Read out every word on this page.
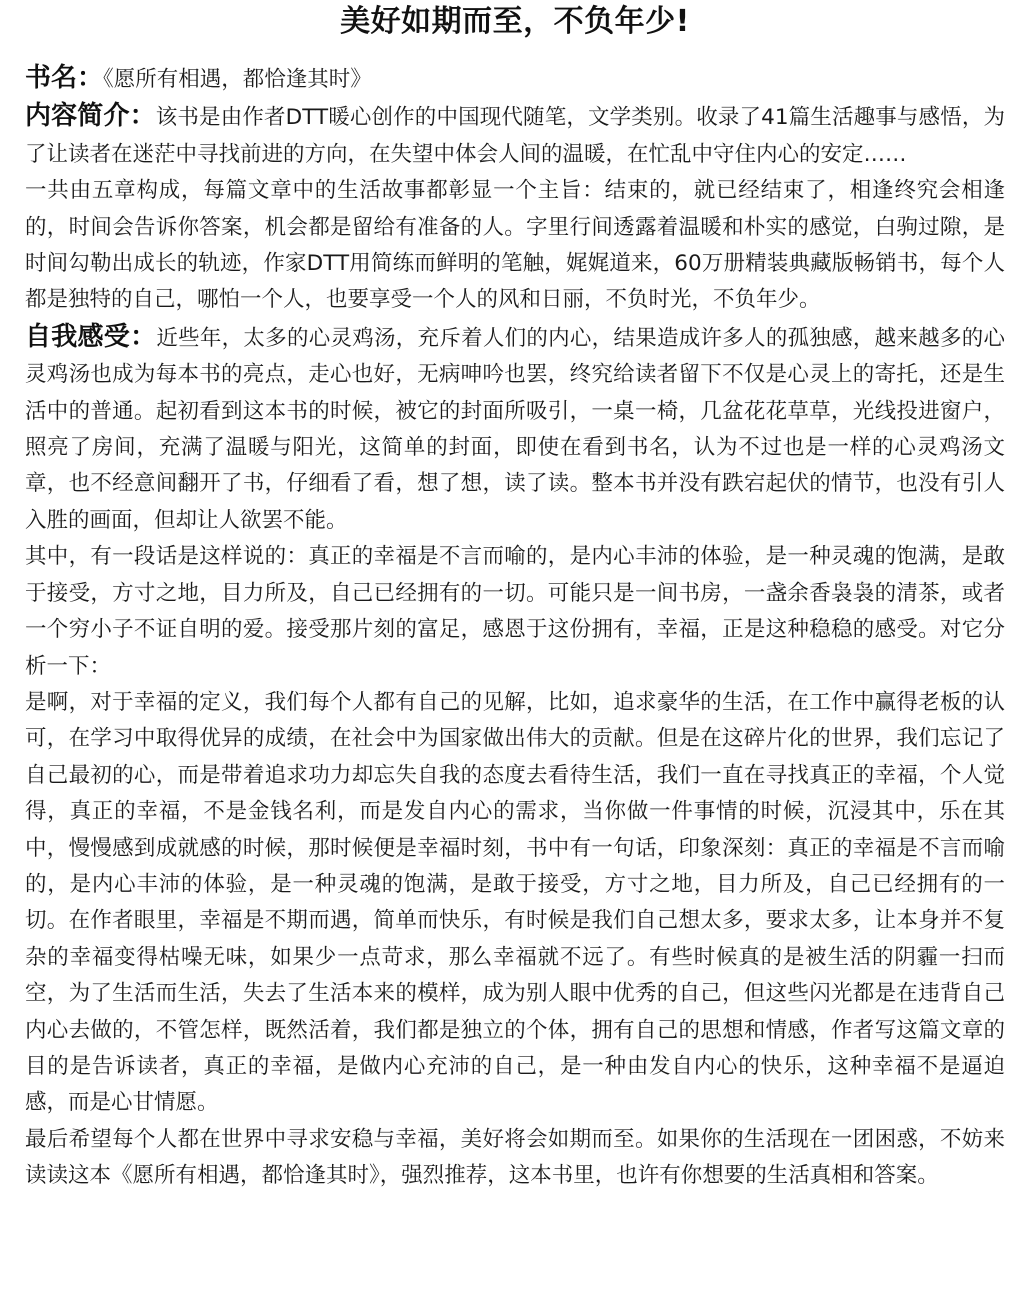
美好如期而至，不负年少!

书名：《愿所有相遇，都恰逢其时》

内容简介：该书是由作者DTT暖心创作的中国现代随笔，文学类别。收录了41篇生活趣事与感悟，为了让读者在迷茫中寻找前进的方向，在失望中体会人间的温暖，在忙乱中守住内心的安定……

一共由五章构成，每篇文章中的生活故事都彰显一个主旨：结束的，就已经结束了，相逢终究会相逢的，时间会告诉你答案，机会都是留给有准备的人。字里行间透露着温暖和朴实的感觉，白驹过隙，是时间勾勒出成长的轨迹，作家DTT用简练而鲜明的笔触，娓娓道来，60万册精装典藏版畅销书，每个人都是独特的自己，哪怕一个人，也要享受一个人的风和日丽，不负时光，不负年少。

自我感受：近些年，太多的心灵鸡汤，充斥着人们的内心，结果造成许多人的孤独感，越来越多的心灵鸡汤也成为每本书的亮点，走心也好，无病呻吟也罢，终究给读者留下不仅是心灵上的寄托，还是生活中的普通。起初看到这本书的时候，被它的封面所吸引，一桌一椅，几盆花花草草，光线投进窗户，照亮了房间，充满了温暖与阳光，这简单的封面，即使在看到书名，认为不过也是一样的心灵鸡汤文章，也不经意间翻开了书，仔细看了看，想了想，读了读。整本书并没有跌宕起伏的情节，也没有引人入胜的画面，但却让人欲罢不能。

其中，有一段话是这样说的：真正的幸福是不言而喻的，是内心丰沛的体验，是一种灵魂的饱满，是敢于接受，方寸之地，目力所及，自己已经拥有的一切。可能只是一间书房，一盏余香袅袅的清茶，或者一个穷小子不证自明的爱。接受那片刻的富足，感恩于这份拥有，幸福，正是这种稳稳的感受。对它分析一下：

是啊，对于幸福的定义，我们每个人都有自己的见解，比如，追求豪华的生活，在工作中赢得老板的认可，在学习中取得优异的成绩，在社会中为国家做出伟大的贡献。但是在这碎片化的世界，我们忘记了自己最初的心，而是带着追求功力却忘失自我的态度去看待生活，我们一直在寻找真正的幸福，个人觉得，真正的幸福，不是金钱名利，而是发自内心的需求，当你做一件事情的时候，沉浸其中，乐在其中，慢慢感到成就感的时候，那时候便是幸福时刻，书中有一句话，印象深刻：真正的幸福是不言而喻的，是内心丰沛的体验，是一种灵魂的饱满，是敢于接受，方寸之地，目力所及，自己已经拥有的一切。在作者眼里，幸福是不期而遇，简单而快乐，有时候是我们自己想太多，要求太多，让本身并不复杂的幸福变得枯噪无味，如果少一点苛求，那么幸福就不远了。有些时候真的是被生活的阴霾一扫而空，为了生活而生活，失去了生活本来的模样，成为别人眼中优秀的自己，但这些闪光都是在违背自己内心去做的，不管怎样，既然活着，我们都是独立的个体，拥有自己的思想和情感，作者写这篇文章的目的是告诉读者，真正的幸福，是做内心充沛的自己，是一种由发自内心的快乐，这种幸福不是逼迫感，而是心甘情愿。

最后希望每个人都在世界中寻求安稳与幸福，美好将会如期而至。如果你的生活现在一团困惑，不妨来读读这本《愿所有相遇，都恰逢其时》，强烈推荐，这本书里，也许有你想要的生活真相和答案。
